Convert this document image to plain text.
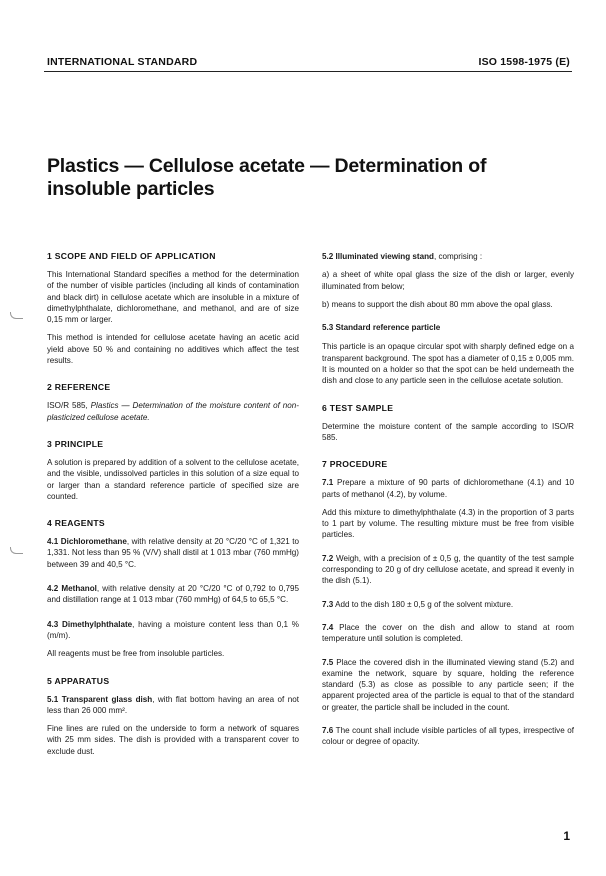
INTERNATIONAL STANDARD	ISO 1598-1975 (E)
Plastics — Cellulose acetate — Determination of insoluble particles
1 SCOPE AND FIELD OF APPLICATION
This International Standard specifies a method for the determination of the number of visible particles (including all kinds of contamination and black dirt) in cellulose acetate which are insoluble in a mixture of dimethylphthalate, dichloromethane, and methanol, and are of size 0,15 mm or larger.
This method is intended for cellulose acetate having an acetic acid yield above 50 % and containing no additives which affect the test results.
2 REFERENCE
ISO/R 585, Plastics — Determination of the moisture content of non-plasticized cellulose acetate.
3 PRINCIPLE
A solution is prepared by addition of a solvent to the cellulose acetate, and the visible, undissolved particles in this solution of a size equal to or larger than a standard reference particle of specified size are counted.
4 REAGENTS
4.1 Dichloromethane, with relative density at 20 °C/20 °C of 1,321 to 1,331. Not less than 95 % (V/V) shall distil at 1 013 mbar (760 mmHg) between 39 and 40,5 °C.
4.2 Methanol, with relative density at 20 °C/20 °C of 0,792 to 0,795 and distillation range at 1 013 mbar (760 mmHg) of 64,5 to 65,5 °C.
4.3 Dimethylphthalate, having a moisture content less than 0,1 % (m/m).
All reagents must be free from insoluble particles.
5 APPARATUS
5.1 Transparent glass dish, with flat bottom having an area of not less than 26 000 mm².
Fine lines are ruled on the underside to form a network of squares with 25 mm sides. The dish is provided with a transparent cover to exclude dust.
5.2 Illuminated viewing stand, comprising :
a) a sheet of white opal glass the size of the dish or larger, evenly illuminated from below;
b) means to support the dish about 80 mm above the opal glass.
5.3 Standard reference particle
This particle is an opaque circular spot with sharply defined edge on a transparent background. The spot has a diameter of 0,15 ± 0,005 mm. It is mounted on a holder so that the spot can be held underneath the dish and close to any particle seen in the cellulose acetate solution.
6 TEST SAMPLE
Determine the moisture content of the sample according to ISO/R 585.
7 PROCEDURE
7.1 Prepare a mixture of 90 parts of dichloromethane (4.1) and 10 parts of methanol (4.2), by volume.
Add this mixture to dimethylphthalate (4.3) in the proportion of 3 parts to 1 part by volume. The resulting mixture must be free from visible particles.
7.2 Weigh, with a precision of ± 0,5 g, the quantity of the test sample corresponding to 20 g of dry cellulose acetate, and spread it evenly in the dish (5.1).
7.3 Add to the dish 180 ± 0,5 g of the solvent mixture.
7.4 Place the cover on the dish and allow to stand at room temperature until solution is completed.
7.5 Place the covered dish in the illuminated viewing stand (5.2) and examine the network, square by square, holding the reference standard (5.3) as close as possible to any particle seen; if the apparent projected area of the particle is equal to that of the standard or greater, the particle shall be included in the count.
7.6 The count shall include visible particles of all types, irrespective of colour or degree of opacity.
1
